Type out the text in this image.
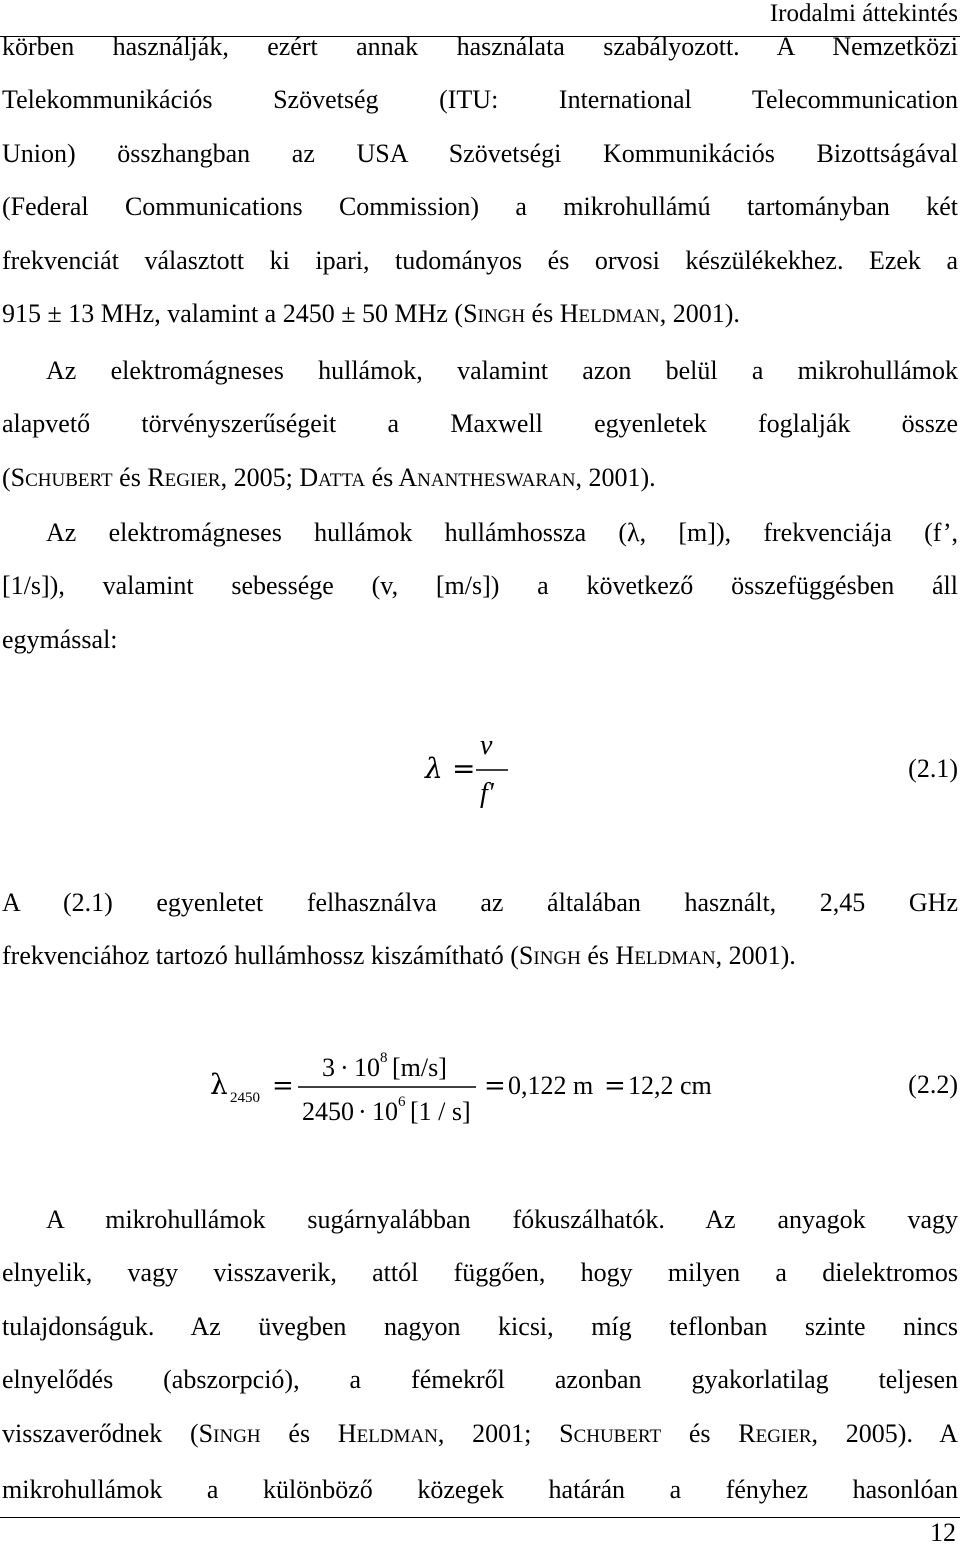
Irodalmi áttekintés
körben használják, ezért annak használata szabályozott. A Nemzetközi
Telekommunikációs Szövetség (ITU: International Telecommunication
Union) összhangban az USA Szövetségi Kommunikációs Bizottságával
(Federal Communications Commission) a mikrohullámú tartományban két
frekvenciát választott ki ipari, tudományos és orvosi készülékekhez. Ezek a
915 ± 13 MHz, valamint a 2450 ± 50 MHz (SINGH és HELDMAN, 2001).
Az elektromágneses hullámok, valamint azon belül a mikrohullámok
alapvető törvényszerűségeit a Maxwell egyenletek foglalják össze
(SCHUBERT és REGIER, 2005; DATTA és ANANTHESWARAN, 2001).
Az elektromágneses hullámok hullámhossza (λ, [m]), frekvenciája (f’,
[1/s]), valamint sebessége (v, [m/s]) a következő összefüggésben áll
egymással:
λ =
v
f'
(2.1)
A (2.1) egyenletet felhasználva az általában használt, 2,45 GHz
frekvenciához tartozó hullámhossz kiszámítható (SINGH és HELDMAN, 2001).
λ 2450 =
3 · 10 8 [m/s]
2450 · 10 6 [1 / s]
= 0,122 m = 12,2 cm	(2.2)
A mikrohullámok sugárnyalábban fókuszálhatók. Az anyagok vagy
elnyelik, vagy visszaverik, attól függően, hogy milyen a dielektromos
tulajdonságuk. Az üvegben nagyon kicsi, míg teflonban szinte nincs
elnyelődés (abszorpció), a fémekről azonban gyakorlatilag teljesen
visszaverődnek (SINGH és HELDMAN, 2001; SCHUBERT és REGIER, 2005). A
mikrohullámok a különböző közegek határán a fényhez hasonlóan
12
